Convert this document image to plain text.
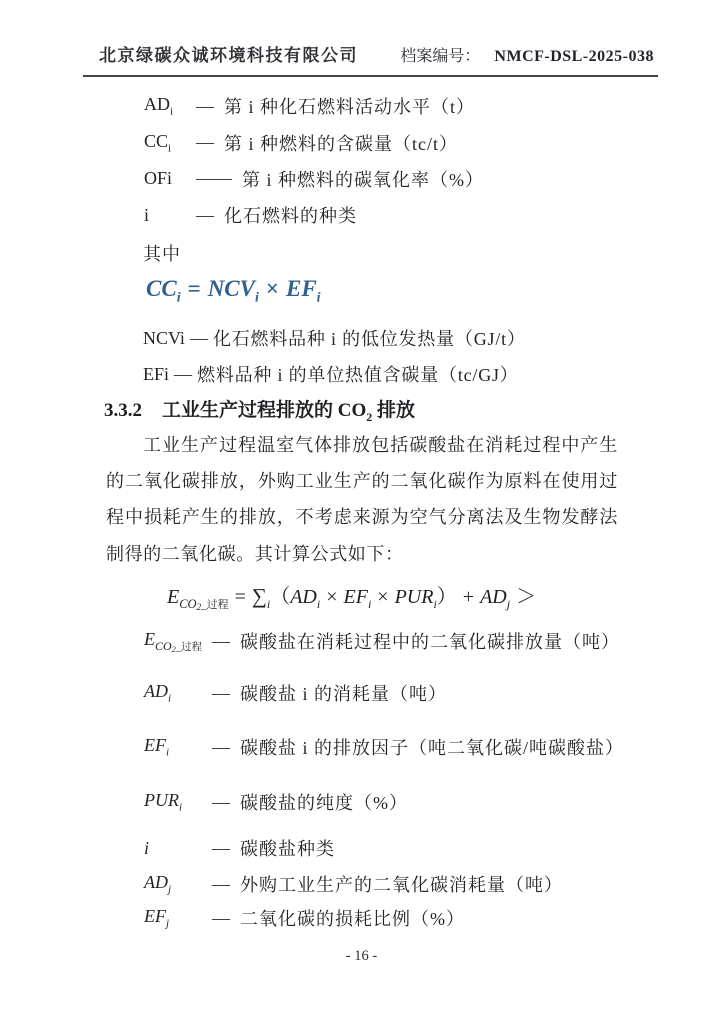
北京绿碳众诚环境科技有限公司	档案编号： NMCF-DSL-2025-038
$AD_i$	— 第 i 种化石燃料活动水平（t）
$CC_i$	— 第 i 种燃料的含碳量（tc/t）
OFi	—— 第 i 种燃料的碳氧化率（%）
i	— 化石燃料的种类
其中
$CC_i = NCV_i \times EF_i$
NCVi — 化石燃料品种 i 的低位发热量（GJ/t）
EFi — 燃料品种 i 的单位热值含碳量（tc/GJ）
3.3.2 工业生产过程排放的 $CO_2$ 排放
工业生产过程温室气体排放包括碳酸盐在消耗过程中产生的二氧化碳排放，外购工业生产的二氧化碳作为原料在使用过程中损耗产生的排放，不考虑来源为空气分离法及生物发酵法制得的二氧化碳。其计算公式如下：
$E_{CO2\_过程} = \sum_i(AD_i \times EF_i \times PUR_i) + AD_j$ ＞
$E_{CO2\_过程}$ — 碳酸盐在消耗过程中的二氧化碳排放量（吨）
$AD_i$	— 碳酸盐 i 的消耗量（吨）
$EF_i$	— 碳酸盐 i 的排放因子（吨二氧化碳/吨碳酸盐）
$PUR_i$	— 碳酸盐的纯度（%）
i	— 碳酸盐种类
$AD_j$	— 外购工业生产的二氧化碳消耗量（吨）
$EF_j$	— 二氧化碳的损耗比例（%）
- 16 -
